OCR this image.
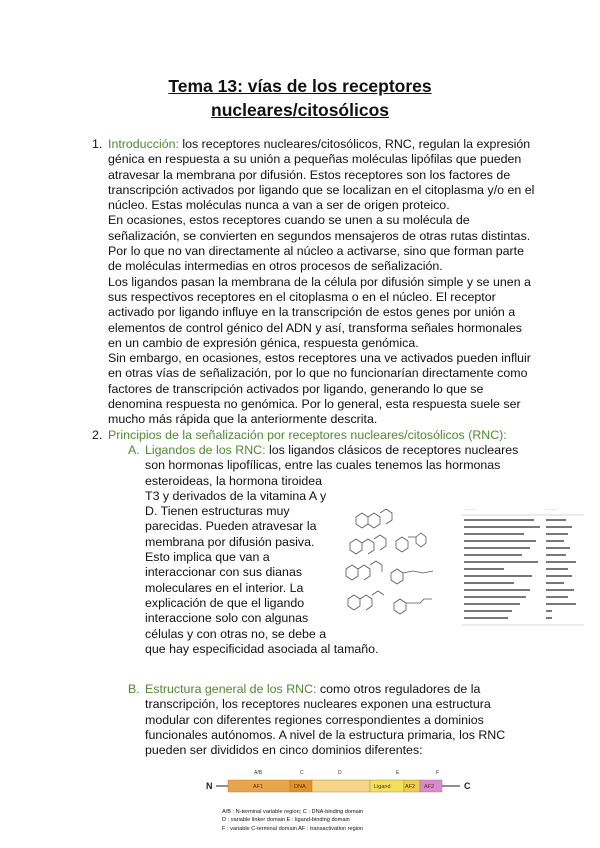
Tema 13: vías de los receptores
nucleares/citosólicos
1. Introducción: los receptores nucleares/citosólicos, RNC, regulan la expresión
génica en respuesta a su unión a pequeñas moléculas lipófilas que pueden
atravesar la membrana por difusión. Estos receptores son los factores de
transcripción activados por ligando que se localizan en el citoplasma y/o en el
núcleo. Estas moléculas nunca a van a ser de origen proteico.
En ocasiones, estos receptores cuando se unen a su molécula de
señalización, se convierten en segundos mensajeros de otras rutas distintas.
Por lo que no van directamente al núcleo a activarse, sino que forman parte
de moléculas intermedias en otros procesos de señalización.
Los ligandos pasan la membrana de la célula por difusión simple y se unen a
sus respectivos receptores en el citoplasma o en el núcleo. El receptor
activado por ligando influye en la transcripción de estos genes por unión a
elementos de control génico del ADN y así, transforma señales hormonales
en un cambio de expresión génica, respuesta genómica.
Sin embargo, en ocasiones, estos receptores una ve activados pueden influir
en otras vías de señalización, por lo que no funcionarían directamente como
factores de transcripción activados por ligando, generando lo que se
denomina respuesta no genómica. Por lo general, esta respuesta suele ser
mucho más rápida que la anteriormente descrita.
2. Principios de la señalización por receptores nucleares/citosólicos (RNC):
A. Ligandos de los RNC: los ligandos clásicos de receptores nucleares
son hormonas lipofílicas, entre las cuales tenemos las hormonas
esteroideas, la hormona tiroidea
T3 y derivados de la vitamina A y
D. Tienen estructuras muy
parecidas. Pueden atravesar la
membrana por difusión pasiva.
Esto implica que van a
interaccionar con sus dianas
moleculares en el interior. La
explicación de que el ligando
interaccione solo con algunas
células y con otras no, se debe a
que hay especificidad asociada al tamaño.
·········	········
B. Estructura general de los RNC: como otros reguladores de la
transcripción, los receptores nucleares exponen una estructura
modular con diferentes regiones correspondientes a dominios
funcionales autónomos. A nivel de la estructura primaria, los RNC
pueden ser divididos en cinco dominios diferentes:
A/B	C	D	E	F
N	AF1	DNA	Ligand	AF2 AF2	C
A/B : N-terminal variable region; C : DNA-binding domain
D : variable linker domain E : ligand-binding domain
F : variable C-terminal domain AF : transactivation region
